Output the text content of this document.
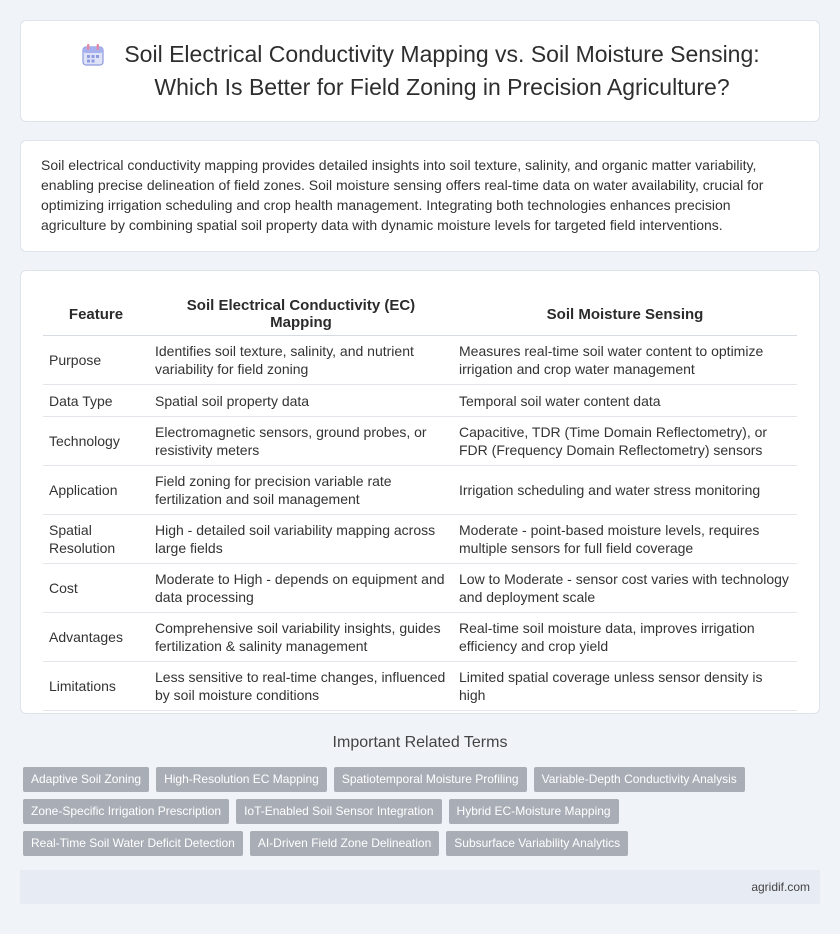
Soil Electrical Conductivity Mapping vs. Soil Moisture Sensing:
Which Is Better for Field Zoning in Precision Agriculture?

Soil electrical conductivity mapping provides detailed insights into soil texture, salinity, and organic matter variability, enabling precise delineation of field zones. Soil moisture sensing offers real-time data on water availability, crucial for optimizing irrigation scheduling and crop health management. Integrating both technologies enhances precision agriculture by combining spatial soil property data with dynamic moisture levels for targeted field interventions.

Feature	Soil Electrical Conductivity (EC) Mapping	Soil Moisture Sensing
Purpose	Identifies soil texture, salinity, and nutrient variability for field zoning	Measures real-time soil water content to optimize irrigation and crop water management
Data Type	Spatial soil property data	Temporal soil water content data
Technology	Electromagnetic sensors, ground probes, or resistivity meters	Capacitive, TDR (Time Domain Reflectometry), or FDR (Frequency Domain Reflectometry) sensors
Application	Field zoning for precision variable rate fertilization and soil management	Irrigation scheduling and water stress monitoring
Spatial Resolution	High - detailed soil variability mapping across large fields	Moderate - point-based moisture levels, requires multiple sensors for full field coverage
Cost	Moderate to High - depends on equipment and data processing	Low to Moderate - sensor cost varies with technology and deployment scale
Advantages	Comprehensive soil variability insights, guides fertilization & salinity management	Real-time soil moisture data, improves irrigation efficiency and crop yield
Limitations	Less sensitive to real-time changes, influenced by soil moisture conditions	Limited spatial coverage unless sensor density is high
Important Related Terms
Adaptive Soil Zoning	High-Resolution EC Mapping	Spatiotemporal Moisture Profiling	Variable-Depth Conductivity Analysis
Zone-Specific Irrigation Prescription	IoT-Enabled Soil Sensor Integration	Hybrid EC-Moisture Mapping
Real-Time Soil Water Deficit Detection	AI-Driven Field Zone Delineation	Subsurface Variability Analytics
agridif.com
